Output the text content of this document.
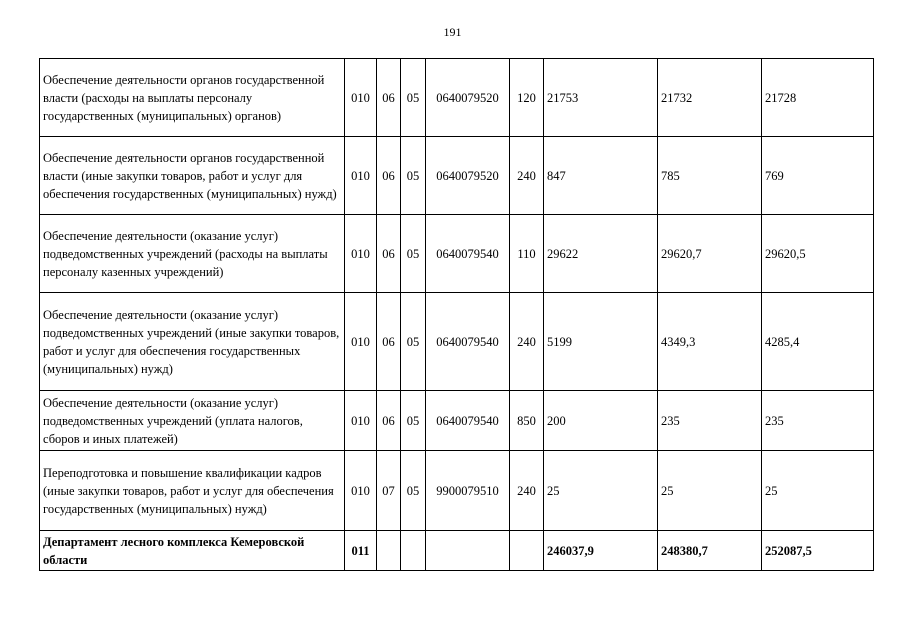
191
Обеспечение деятельности органов государственной власти (расходы на выплаты персоналу государственных (муниципальных) органов)	010	06	05	0640079520	120	21753	21732	21728
Обеспечение деятельности органов государственной власти (иные закупки товаров, работ и услуг для обеспечения государственных (муниципальных) нужд)	010	06	05	0640079520	240	847	785	769
Обеспечение деятельности (оказание услуг) подведомственных учреждений (расходы на выплаты персоналу казенных учреждений)	010	06	05	0640079540	110	29622	29620,7	29620,5
Обеспечение деятельности (оказание услуг) подведомственных учреждений (иные закупки товаров, работ и услуг для обеспечения государственных (муниципальных) нужд)	010	06	05	0640079540	240	5199	4349,3	4285,4
Обеспечение деятельности (оказание услуг) подведомственных учреждений (уплата налогов, сборов и иных платежей)	010	06	05	0640079540	850	200	235	235
Переподготовка и повышение квалификации кадров (иные закупки товаров, работ и услуг для обеспечения государственных (муниципальных) нужд)	010	07	05	9900079510	240	25	25	25
Департамент лесного комплекса Кемеровской области	011					246037,9	248380,7	252087,5
